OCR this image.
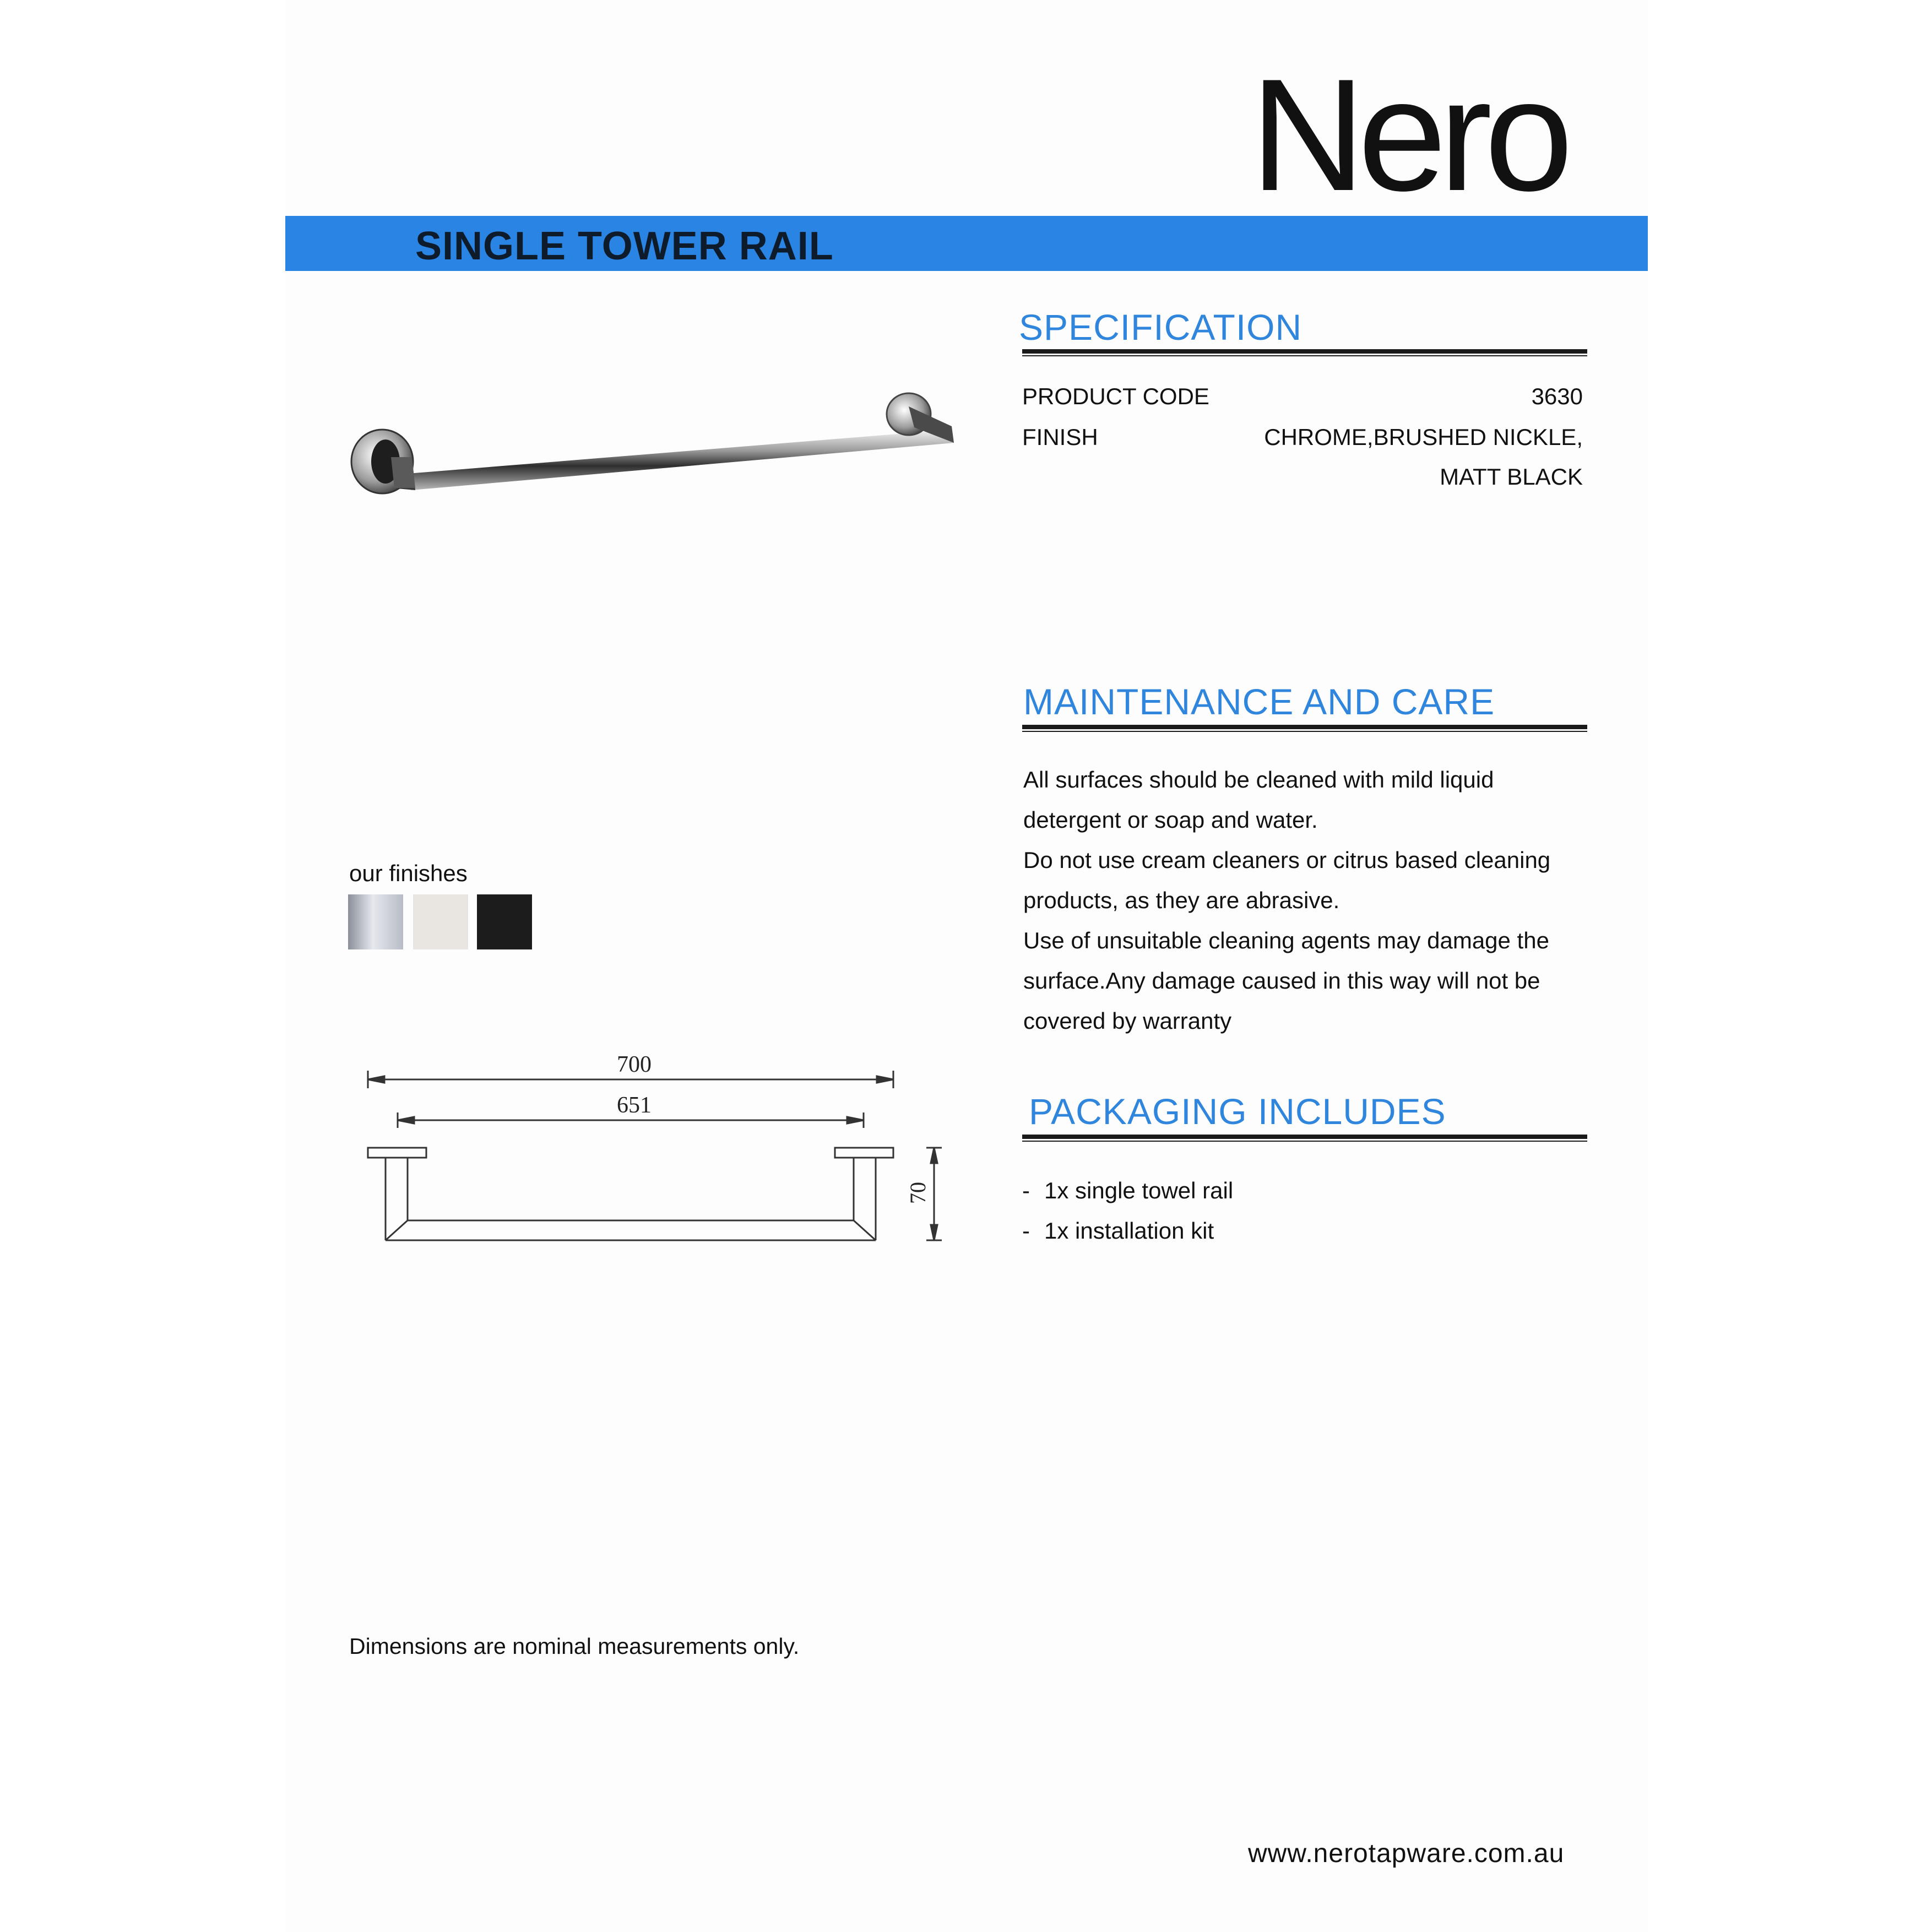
Nero
SINGLE TOWER RAIL
SPECIFICATION
PRODUCT CODE	3630
FINISH	CHROME,BRUSHED NICKLE,
MATT BLACK
MAINTENANCE AND CARE
All surfaces should be cleaned with mild liquid
detergent or soap and water.
Do not use cream cleaners or citrus based cleaning
products, as they are abrasive.
Use of unsuitable cleaning agents may damage the
surface.Any damage caused in this way will not be
covered by warranty
PACKAGING INCLUDES
- 1x single towel rail
- 1x installation kit
our finishes
700
651
70
Dimensions are nominal measurements only.
www.nerotapware.com.au
